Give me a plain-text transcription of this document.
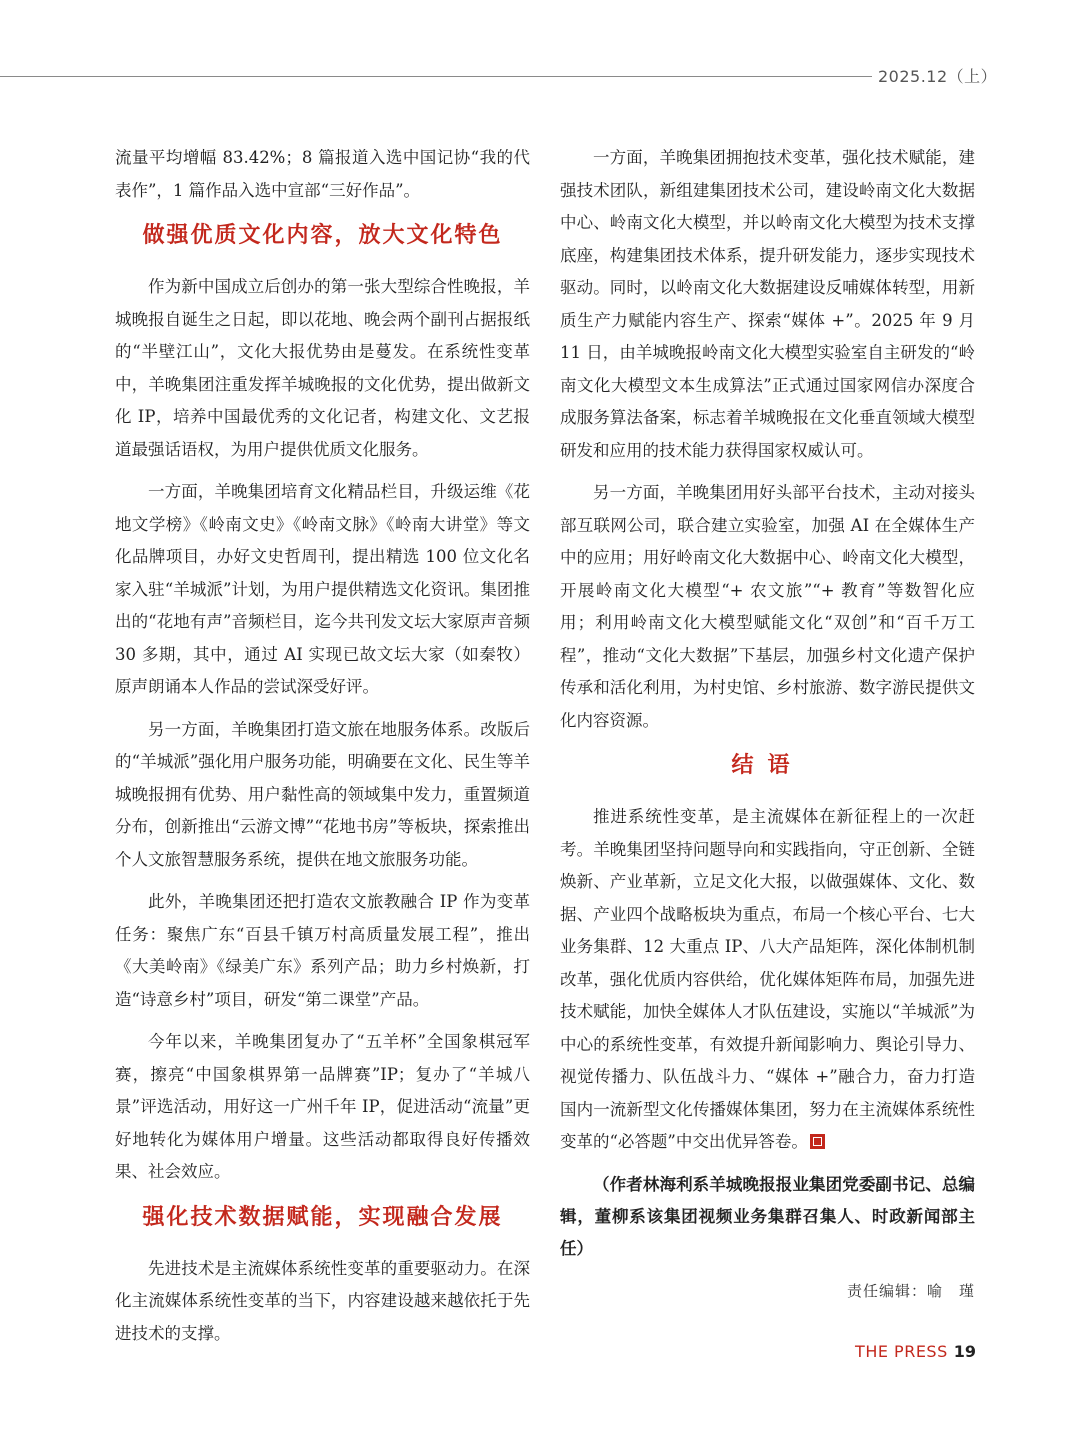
2025.12（上）

流量平均增幅 83.42%；8 篇报道入选中国记协“我的代表作”，1 篇作品入选中宣部“三好作品”。

做强优质文化内容，放大文化特色

作为新中国成立后创办的第一张大型综合性晚报，羊城晚报自诞生之日起，即以花地、晚会两个副刊占据报纸的“半壁江山”，文化大报优势由是蔓发。在系统性变革中，羊晚集团注重发挥羊城晚报的文化优势，提出做新文化 IP，培养中国最优秀的文化记者，构建文化、文艺报道最强话语权，为用户提供优质文化服务。

一方面，羊晚集团培育文化精品栏目，升级运维《花地文学榜》《岭南文史》《岭南文脉》《岭南大讲堂》等文化品牌项目，办好文史哲周刊，提出精选 100 位文化名家入驻“羊城派”计划，为用户提供精选文化资讯。集团推出的“花地有声”音频栏目，迄今共刊发文坛大家原声音频 30 多期，其中，通过 AI 实现已故文坛大家（如秦牧）原声朗诵本人作品的尝试深受好评。

另一方面，羊晚集团打造文旅在地服务体系。改版后的“羊城派”强化用户服务功能，明确要在文化、民生等羊城晚报拥有优势、用户黏性高的领域集中发力，重置频道分布，创新推出“云游文博”“花地书房”等板块，探索推出个人文旅智慧服务系统，提供在地文旅服务功能。

此外，羊晚集团还把打造农文旅教融合 IP 作为变革任务：聚焦广东“百县千镇万村高质量发展工程”，推出《大美岭南》《绿美广东》系列产品；助力乡村焕新，打造“诗意乡村”项目，研发“第二课堂”产品。

今年以来，羊晚集团复办了“五羊杯”全国象棋冠军赛，擦亮“中国象棋界第一品牌赛”IP；复办了“羊城八景”评选活动，用好这一广州千年 IP，促进活动“流量”更好地转化为媒体用户增量。这些活动都取得良好传播效果、社会效应。

强化技术数据赋能，实现融合发展

先进技术是主流媒体系统性变革的重要驱动力。在深化主流媒体系统性变革的当下，内容建设越来越依托于先进技术的支撑。

一方面，羊晚集团拥抱技术变革，强化技术赋能，建强技术团队，新组建集团技术公司，建设岭南文化大数据中心、岭南文化大模型，并以岭南文化大模型为技术支撑底座，构建集团技术体系，提升研发能力，逐步实现技术驱动。同时，以岭南文化大数据建设反哺媒体转型，用新质生产力赋能内容生产、探索“媒体 +”。2025 年 9 月 11 日，由羊城晚报岭南文化大模型实验室自主研发的“岭南文化大模型文本生成算法”正式通过国家网信办深度合成服务算法备案，标志着羊城晚报在文化垂直领域大模型研发和应用的技术能力获得国家权威认可。

另一方面，羊晚集团用好头部平台技术，主动对接头部互联网公司，联合建立实验室，加强 AI 在全媒体生产中的应用；用好岭南文化大数据中心、岭南文化大模型，开展岭南文化大模型“+ 农文旅”“+ 教育”等数智化应用；利用岭南文化大模型赋能文化“双创”和“百千万工程”，推动“文化大数据”下基层，加强乡村文化遗产保护传承和活化利用，为村史馆、乡村旅游、数字游民提供文化内容资源。

结语

推进系统性变革，是主流媒体在新征程上的一次赶考。羊晚集团坚持问题导向和实践指向，守正创新、全链焕新、产业革新，立足文化大报，以做强媒体、文化、数据、产业四个战略板块为重点，布局一个核心平台、七大业务集群、12 大重点 IP、八大产品矩阵，深化体制机制改革，强化优质内容供给，优化媒体矩阵布局，加强先进技术赋能，加快全媒体人才队伍建设，实施以“羊城派”为中心的系统性变革，有效提升新闻影响力、舆论引导力、视觉传播力、队伍战斗力、“媒体 +”融合力，奋力打造国内一流新型文化传播媒体集团，努力在主流媒体系统性变革的“必答题”中交出优异答卷。

（作者林海利系羊城晚报报业集团党委副书记、总编辑，董柳系该集团视频业务集群召集人、时政新闻部主任）

责任编辑：喻　瑾
THE PRESS 19
